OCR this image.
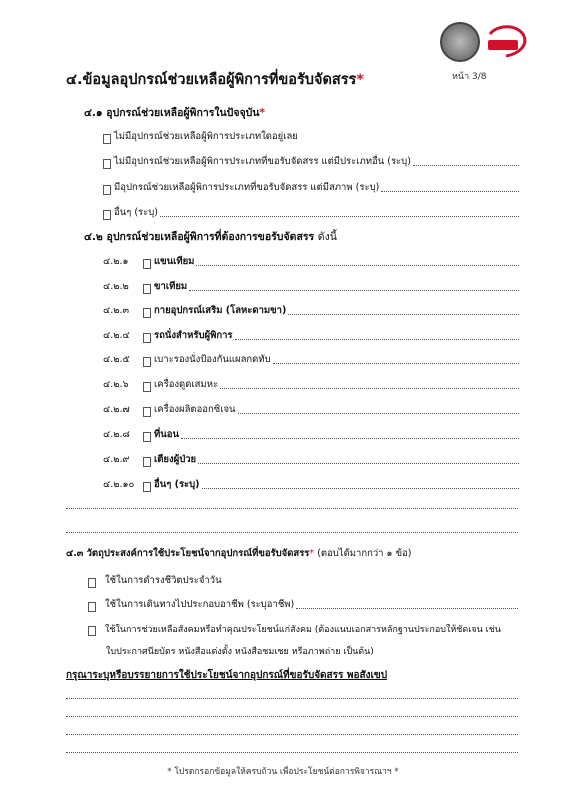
หน้า 3/8
๔.ข้อมูลอุปกรณ์ช่วยเหลือผู้พิการที่ขอรับจัดสรร*
๔.๑ อุปกรณ์ช่วยเหลือผู้พิการในปัจจุบัน*
ไม่มีอุปกรณ์ช่วยเหลือผู้พิการประเภทใดอยู่เลย
ไม่มีอุปกรณ์ช่วยเหลือผู้พิการประเภทที่ขอรับจัดสรร แต่มีประเภทอื่น (ระบุ)
มีอุปกรณ์ช่วยเหลือผู้พิการประเภทที่ขอรับจัดสรร แต่มีสภาพ (ระบุ)
อื่นๆ (ระบุ)
๔.๒ อุปกรณ์ช่วยเหลือผู้พิการที่ต้องการขอรับจัดสรร ดังนี้
๔.๒.๑	แขนเทียม
๔.๒.๒	ขาเทียม
๔.๒.๓	กายอุปกรณ์เสริม (โลหะดามขา)
๔.๒.๔	รถนั่งสำหรับผู้พิการ
๔.๒.๕	เบาะรองนั่งป้องกันแผลกดทับ
๔.๒.๖	เครื่องดูดเสมหะ
๔.๒.๗	เครื่องผลิตออกซิเจน
๔.๒.๘	ที่นอน
๔.๒.๙	เตียงผู้ป่วย
๔.๒.๑๐	อื่นๆ (ระบุ)
๔.๓ วัตถุประสงค์การใช้ประโยชน์จากอุปกรณ์ที่ขอรับจัดสรร* (ตอบได้มากกว่า ๑ ข้อ)
ใช้ในการดำรงชีวิตประจำวัน
ใช้ในการเดินทางไปประกอบอาชีพ (ระบุอาชีพ)
ใช้ในการช่วยเหลือสังคมหรือทำคุณประโยชน์แก่สังคม (ต้องแนบเอกสารหลักฐานประกอบให้ชัดเจน เช่น
ใบประกาศนียบัตร หนังสือแต่งตั้ง หนังสือชมเชย หรือภาพถ่าย เป็นต้น)
กรุณาระบุหรือบรรยายการใช้ประโยชน์จากอุปกรณ์ที่ขอรับจัดสรร พอสังเขป
* โปรดกรอกข้อมูลให้ครบถ้วน เพื่อประโยชน์ต่อการพิจารณาฯ *
